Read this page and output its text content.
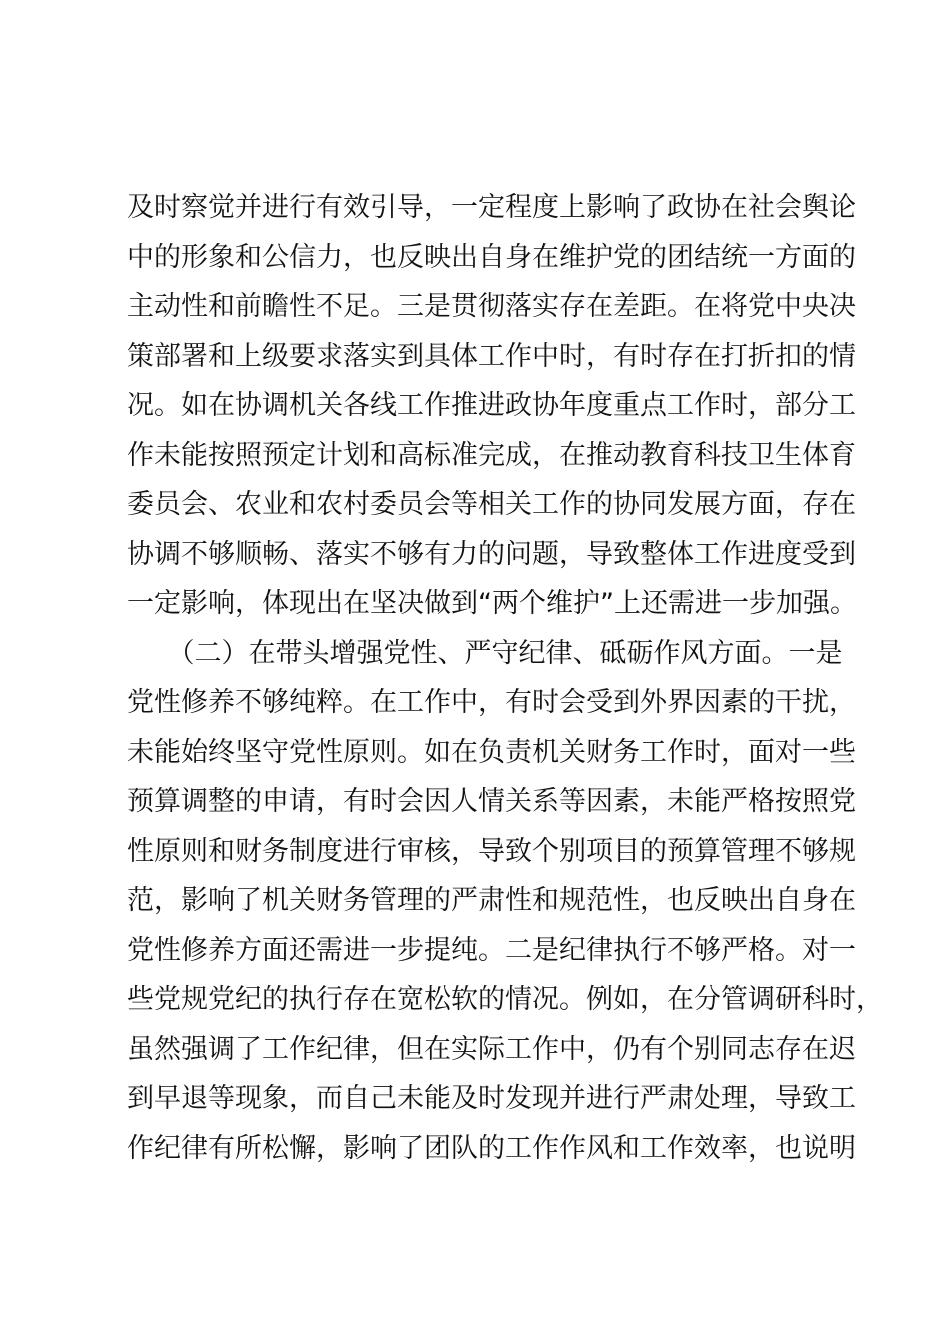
及时察觉并进行有效引导，一定程度上影响了政协在社会舆论
中的形象和公信力，也反映出自身在维护党的团结统一方面的
主动性和前瞻性不足。三是贯彻落实存在差距。在将党中央决
策部署和上级要求落实到具体工作中时，有时存在打折扣的情
况。如在协调机关各线工作推进政协年度重点工作时，部分工
作未能按照预定计划和高标准完成，在推动教育科技卫生体育
委员会、农业和农村委员会等相关工作的协同发展方面，存在
协调不够顺畅、落实不够有力的问题，导致整体工作进度受到
一定影响，体现出在坚决做到“两个维护”上还需进一步加强。
　　（二）在带头增强党性、严守纪律、砥砺作风方面。一是
党性修养不够纯粹。在工作中，有时会受到外界因素的干扰，
未能始终坚守党性原则。如在负责机关财务工作时，面对一些
预算调整的申请，有时会因人情关系等因素，未能严格按照党
性原则和财务制度进行审核，导致个别项目的预算管理不够规
范，影响了机关财务管理的严肃性和规范性，也反映出自身在
党性修养方面还需进一步提纯。二是纪律执行不够严格。对一
些党规党纪的执行存在宽松软的情况。例如，在分管调研科时，
虽然强调了工作纪律，但在实际工作中，仍有个别同志存在迟
到早退等现象，而自己未能及时发现并进行严肃处理，导致工
作纪律有所松懈，影响了团队的工作作风和工作效率，也说明
